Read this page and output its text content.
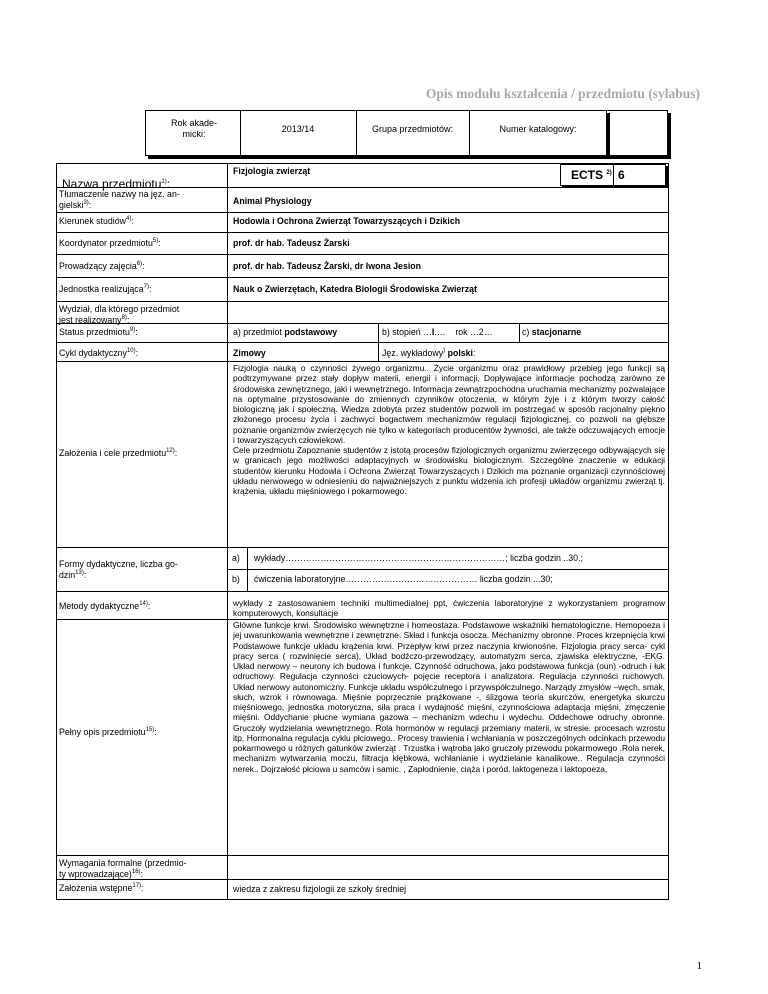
Opis modułu kształcenia / przedmiotu (sylabus)
Rok akade-
micki:	2013/14	Grupa przedmiotów:	Numer katalogowy:
Nazwa przedmiotu$^{1)}$:
Fizjologia zwierząt	ECTS $^{2)}$ 6
Tłumaczenie nazwy na jęz. an-
gielski$^{3)}$:	Animal Physiology
Kierunek studiów$^{4)}$:	Hodowla i Ochrona Zwierząt Towarzyszących i Dzikich
Koordynator przedmiotu$^{5)}$:	prof. dr hab. Tadeusz Żarski
Prowadzący zajęcia$^{6)}$:	prof. dr hab. Tadeusz Żarski, dr Iwona Jesion
Jednostka realizująca$^{7)}$:	Nauk o Zwierzętach, Katedra Biologii Środowiska Zwierząt
Wydział, dla którego przedmiot
jest realizowany$^{8)}$:
Status przedmiotu$^{9)}$:	a) przedmiot podstawowy	b) stopień …I.…    rok …2…	c) stacjonarne
Cykl dydaktyczny$^{10)}$:	Zimowy	Jęz. wykładowy) polski:
Założenia i cele przedmiotu$^{12)}$:

Fizjologia nauką o czynności żywego organizmu.. Życie organizmu oraz prawidłowy przebieg jego funkcji są podtrzymywane przez stały dopływ materii, energii i informacji. Dopływające informacje pochodzą zarówno ze środowiska zewnętrznego, jaki i wewnętrznego. Informacja zewnątrzpochodna uruchamia mechanizmy pozwalające na optymalne przystosowanie do zmiennych czynników otoczenia, w którym żyje i z którym tworzy całość biologiczną jak i społeczną. Wiedza zdobyta przez studentów pozwoli im postrzegać w sposób racjonalny piękno złożonego procesu życia i zachwyci bogactwem mechanizmów regulacji fizjologicznej, co pozwoli na głębsze poznanie organizmów zwierzęcych nie tylko w kategoriach producentów żywności, ale także odczuwających emocje i towarzyszących człowiekowi.

Cele przedmiotu Zapoznanie studentów z istotą procesów fizjologicznych organizmu zwierzęcego odbywających się w granicach jego możliwości adaptacyjnych w środowisku biologicznym. Szczególne znaczenie w edukacji studentów kierunku Hodowla i Ochrona Zwierząt Towarzyszących i Dzikich ma poznanie organizacji czynnościowej układu nerwowego w odniesieniu do najważniejszych z punktu widzenia ich profesji układów organizmu zwierząt tj. krążenia, układu mięśniowego i pokarmowego.

Formy dydaktyczne, liczba go-
dzin$^{13)}$:
a) wykłady…………………………………………………………………; liczba godzin ..30.;
b) ćwiczenia laboratoryjne……………………………………… liczba godzin ...30;
Metody dydaktyczne$^{14)}$:	wykłady z zastosowaniem techniki multimedialnej ppt, ćwiczenia laboratoryjne z wykorzystaniem programow komputerowych, konsultacje
Pełny opis przedmiotu$^{15)}$:
Główne funkcje krwi. Środowisko wewnętrzne i homeostaza. Podstawowe wskaźniki hematologiczne. Hemopoeza i jej uwarunkowania wewnętrzne i zewnętrzne. Skład i funkcja osocza. Mechanizmy obronne. Proces krzepnięcia krwi Podstawowe funkcje układu krążenia krwi. Przepływ krwi przez naczynia krwionośne. Fizjologia pracy serca- cykl pracy serca ( rozwinięcie serca), Układ bodźczo-przewodzący, automatyzm serca, zjawiska elektryczne, -EKG. Układ nerwowy – neurony ich budowa i funkcje. Czynność odruchowa, jako podstawowa funkcja (oun) -odruch i łuk odruchowy. Regulacja czynności czuciowych- pojęcie receptora i analizatora. Regulacja czynności ruchowych. Układ nerwowy autonomiczny. Funkcje układu współczulnego i przywspółczulnego. Narządy zmysłów –węch, smak, słuch, wzrok i równowaga. Mięśnie poprzecznie prążkowane -, ślizgowa teoria skurczów, energetyka skurczu mięśniowego, jednostka motoryczna, siła praca i wydajność mięśni, czynnościowa adaptacja mięśni, zmęczenie mięśni. Oddychanie płucne wymiana gazowa – mechanizm wdechu i wydechu. Oddechowe odruchy obronne. Gruczoły wydzielania wewnętrznego. Rola hormonów w regulacji przemiany materii, w stresie. procesach wzrostu itp. Hormonalna regulacja cyklu płciowego.. Procesy trawienia i wchłaniania w poszczególnych odcinkach przewodu pokarmowego u różnych gatunków zwierząt . Trzustka i wątroba jako gruczoły przewodu pokarmowego .Rola nerek, mechanizm wytwarzania moczu, filtracja kłębkowa, wchłanianie i wydzielanie kanalikowe.. Regulacja czynności nerek.. Dojrzałość płciowa u samców i samic. , Zapłodnienie, ciąża i poród. laktogeneza i laktopoeza,
Wymagania formalne (przedmio-
ty wprowadzające)$^{16)}$:
Założenia wstępne$^{17)}$:	wiedza z zakresu fizjologii ze szkoły średniej
1
